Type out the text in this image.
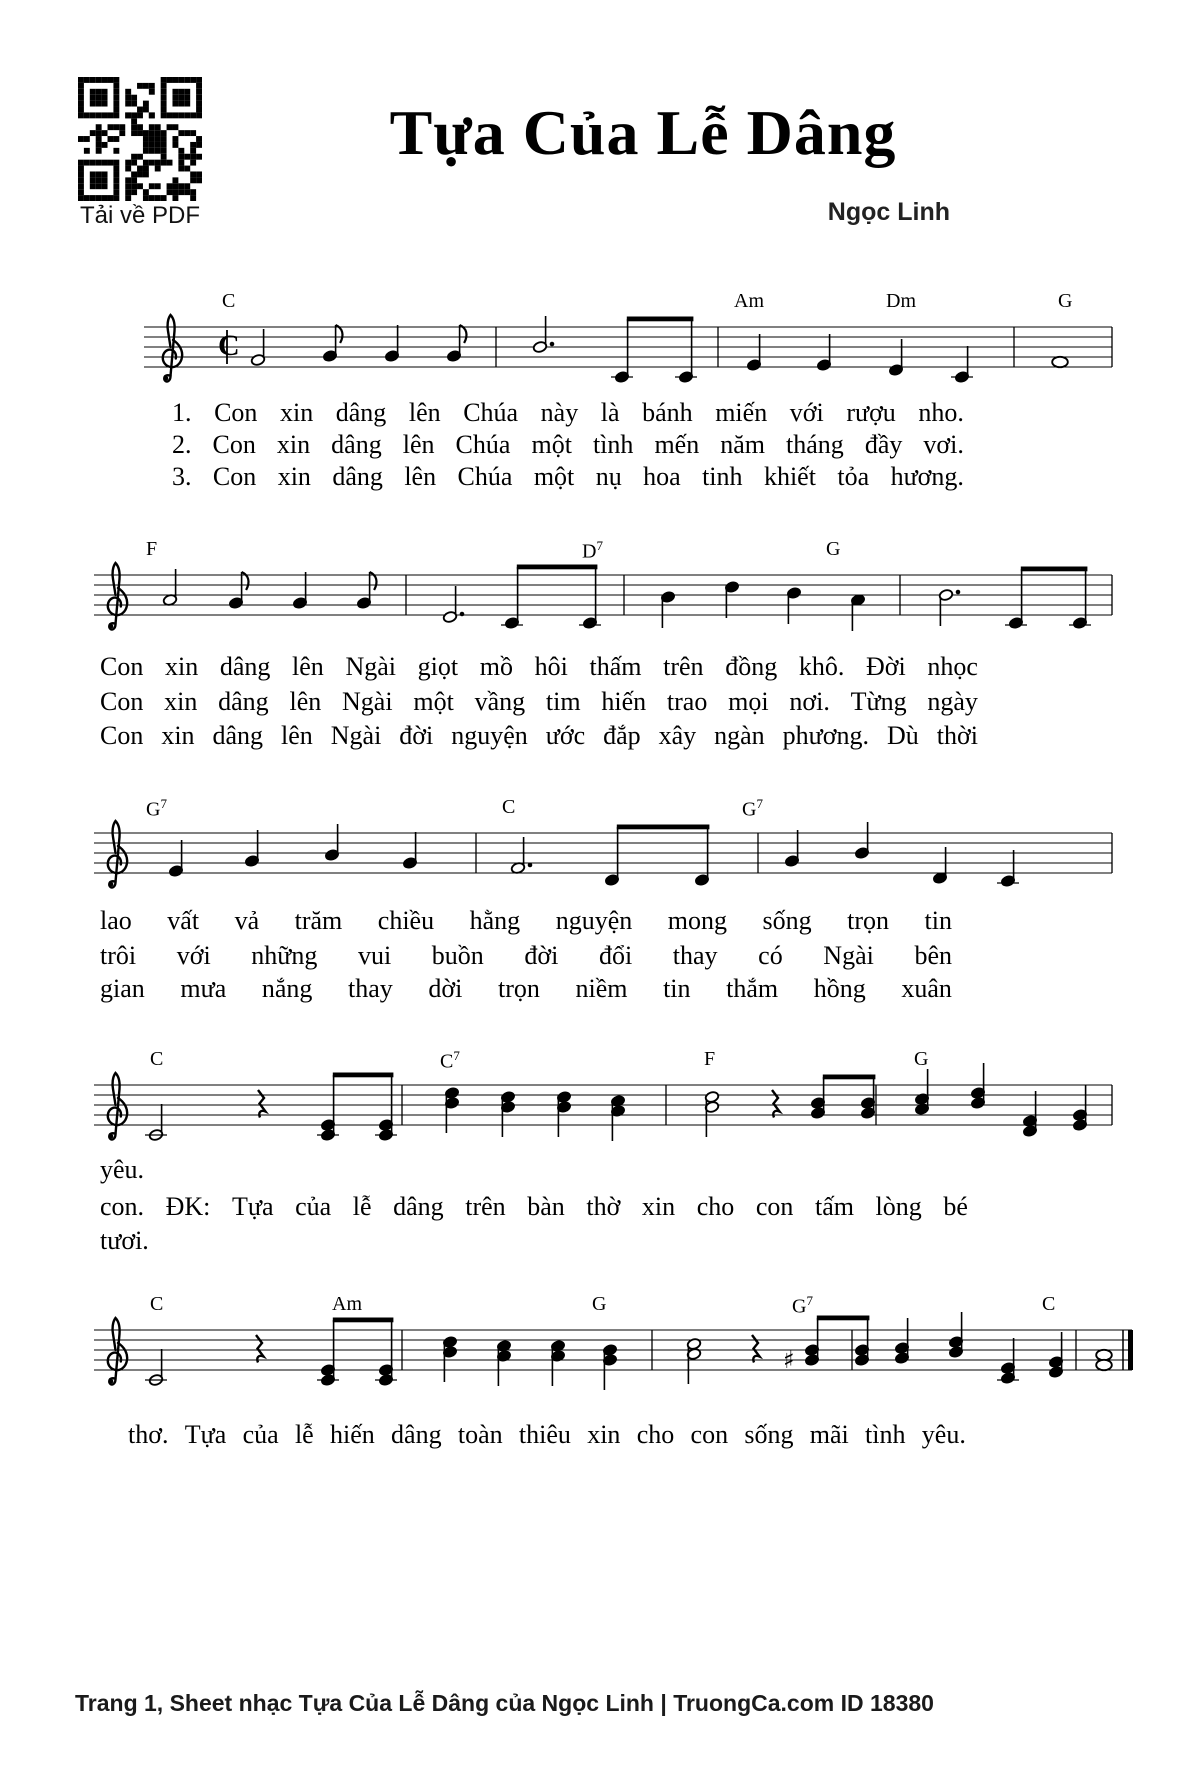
Tải về PDF
Tựa Của Lễ Dâng
Ngọc Linh
C
C	Am	Dm	G
F	$D^7$	G
$G^7$	C	$G^7$
C	$C^7$	F	G
♯
C	Am	G	$G^7$	C
1. Con xin dâng lên Chúa này là bánh miến với rượu nho.
2. Con xin dâng lên Chúa một tình mến năm tháng đầy vơi.
3. Con xin dâng lên Chúa một nụ hoa tinh khiết tỏa hương.
Con xin dâng lên Ngài giọt mồ hôi thấm trên đồng khô. Đời nhọc
Con xin dâng lên Ngài một vầng tim hiến trao mọi nơi. Từng ngày
Con xin dâng lên Ngài đời nguyện ước đắp xây ngàn phương. Dù thời
lao vất vả trăm chiều hằng nguyện mong sống trọn tin
trôi với những vui buồn đời đổi thay có Ngài bên
gian mưa nắng thay dời trọn niềm tin thắm hồng xuân
yêu.
con. ĐK: Tựa của lễ dâng trên bàn thờ xin cho con tấm lòng bé
tươi.
thơ. Tựa của lễ hiến dâng toàn thiêu xin cho con sống mãi tình yêu.
Trang 1, Sheet nhạc Tựa Của Lễ Dâng của Ngọc Linh | TruongCa.com ID 18380
